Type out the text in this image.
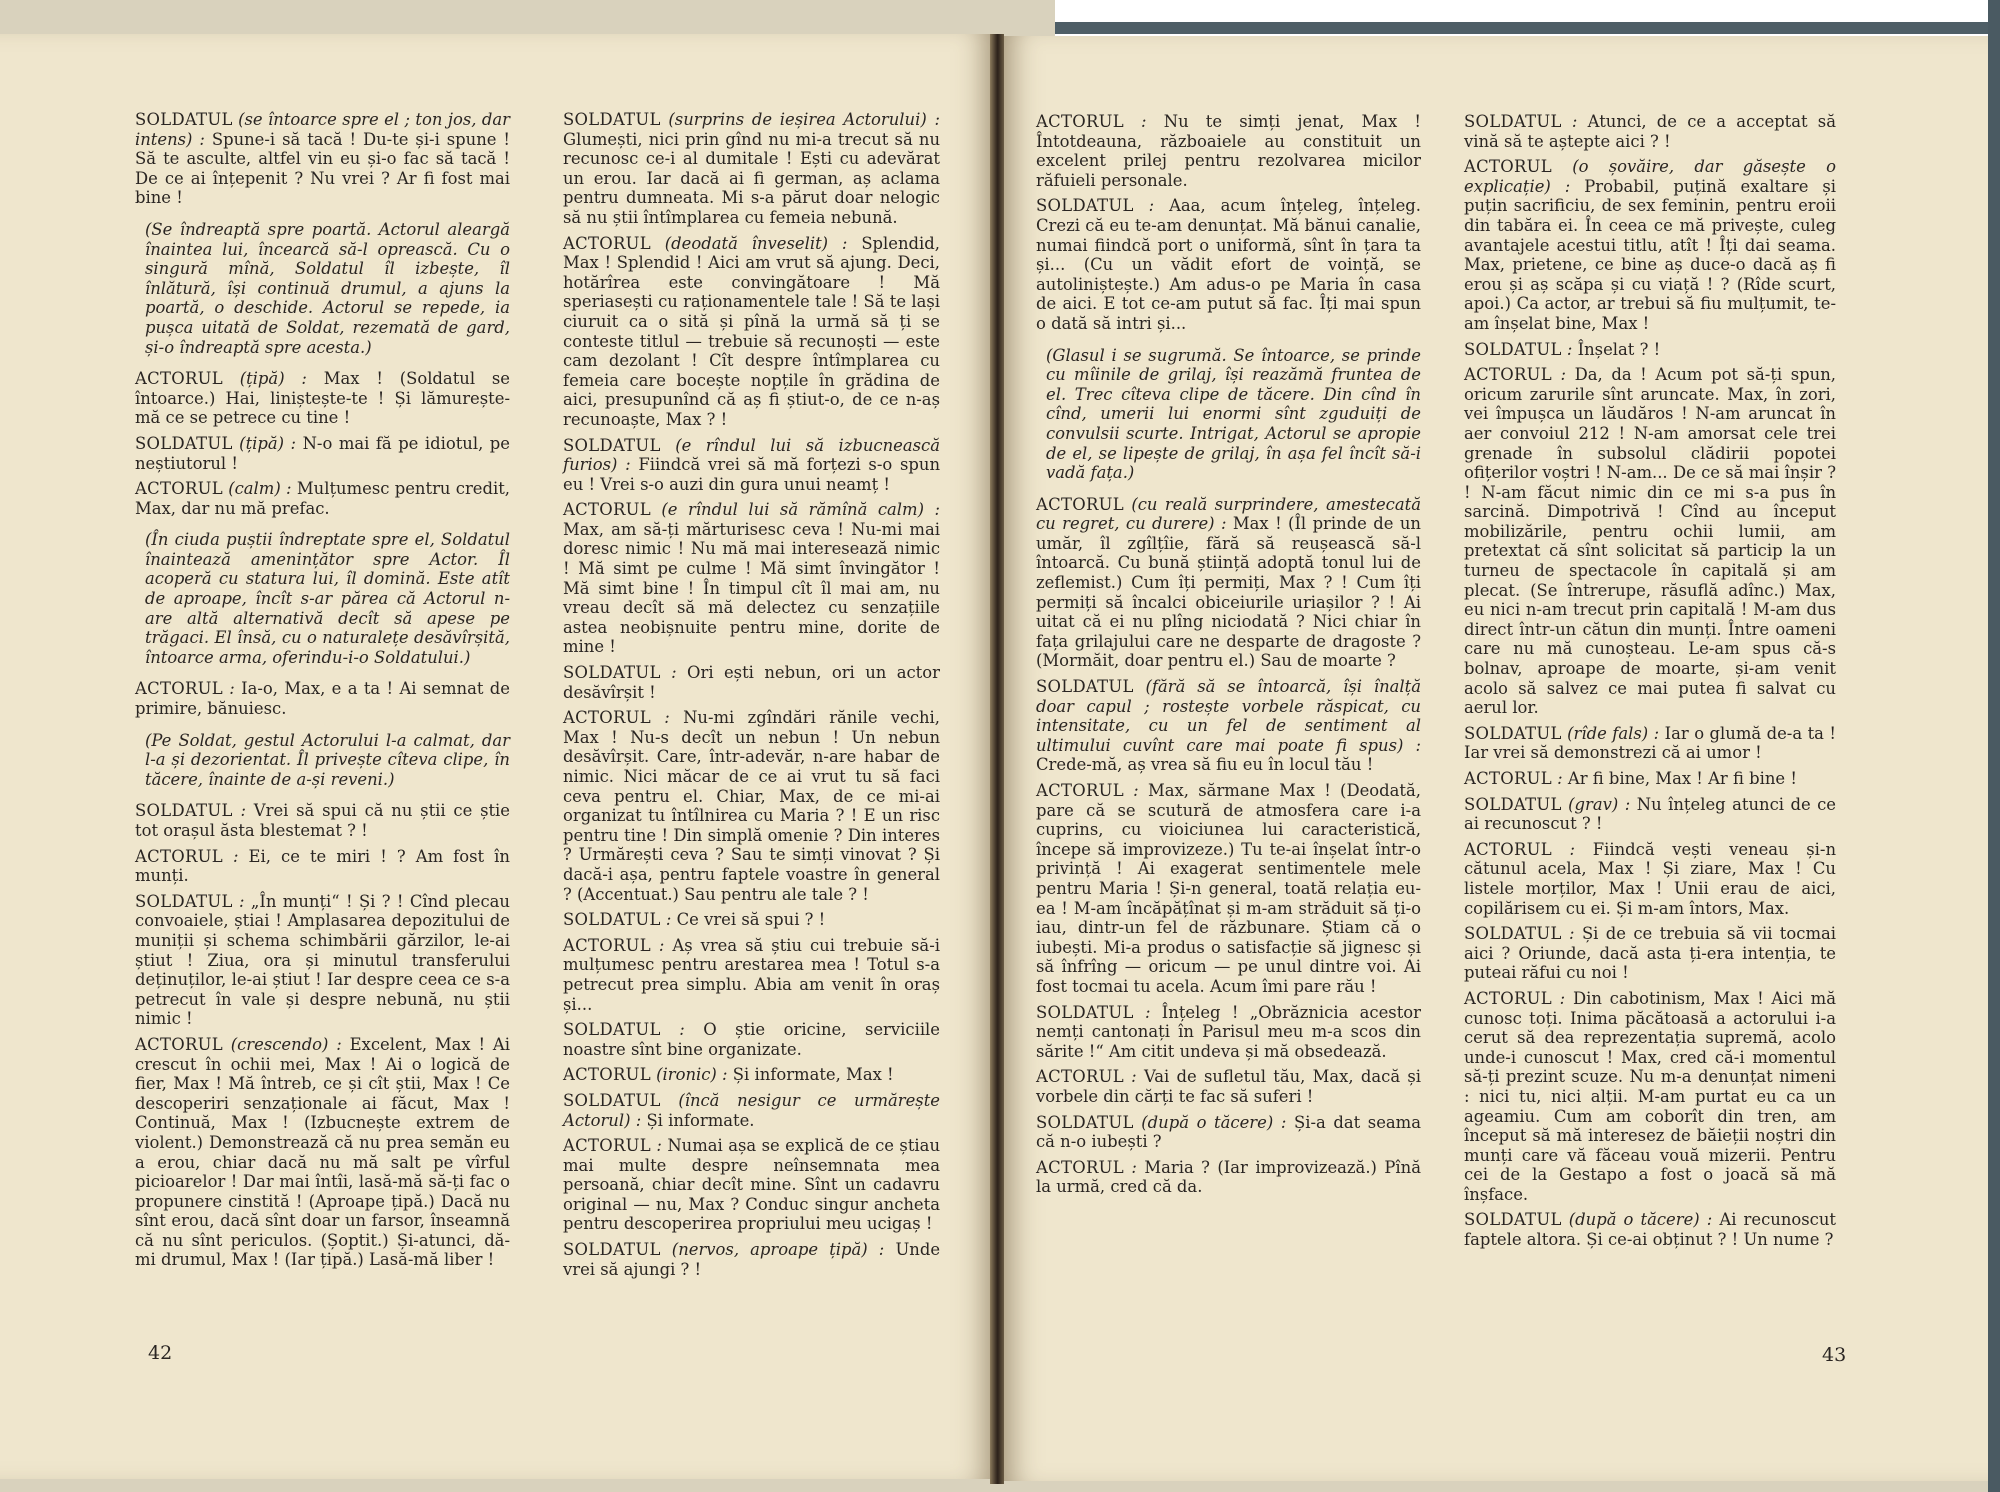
SOLDATUL (se întoarce spre el ; ton jos, dar intens) : Spune-i să tacă ! Du-te și-i spune ! Să te asculte, altfel vin eu și-o fac să tacă ! De ce ai înțepenit ? Nu vrei ? Ar fi fost mai bine !

(Se îndreaptă spre poartă. Actorul aleargă înaintea lui, încearcă să-l oprească. Cu o singură mînă, Soldatul îl izbește, îl înlătură, își continuă drumul, a ajuns la poartă, o deschide. Actorul se repede, ia pușca uitată de Soldat, rezemată de gard, și-o îndreaptă spre acesta.)

ACTORUL (țipă) : Max ! (Soldatul se întoarce.) Hai, liniștește-te ! Și lămurește-mă ce se petrece cu tine !

SOLDATUL (țipă) : N-o mai fă pe idiotul, pe neștiutorul !

ACTORUL (calm) : Mulțumesc pentru credit, Max, dar nu mă prefac.

(În ciuda puștii îndreptate spre el, Soldatul înaintează amenințător spre Actor. Îl acoperă cu statura lui, îl domină. Este atît de aproape, încît s-ar părea că Actorul n-are altă alternativă decît să apese pe trăgaci. El însă, cu o naturalețe desăvîrșită, întoarce arma, oferindu-i-o Soldatului.)

ACTORUL : Ia-o, Max, e a ta ! Ai semnat de primire, bănuiesc.

(Pe Soldat, gestul Actorului l-a calmat, dar l-a și dezorientat. Îl privește cîteva clipe, în tăcere, înainte de a-și reveni.)

SOLDATUL : Vrei să spui că nu știi ce știe tot orașul ăsta blestemat ? !

ACTORUL : Ei, ce te miri ! ? Am fost în munți.

SOLDATUL : „În munți“ ! Și ? ! Cînd plecau convoaiele, știai ! Amplasarea depozitului de muniții și schema schimbării gărzilor, le-ai știut ! Ziua, ora și minutul transferului deținuților, le-ai știut ! Iar despre ceea ce s-a petrecut în vale și despre nebună, nu știi nimic !

ACTORUL (crescendo) : Excelent, Max ! Ai crescut în ochii mei, Max ! Ai o logică de fier, Max ! Mă întreb, ce și cît știi, Max ! Ce descoperiri senzaționale ai făcut, Max ! Continuă, Max ! (Izbucnește extrem de violent.) Demonstrează că nu prea semăn eu a erou, chiar dacă nu mă salt pe vîrful picioarelor ! Dar mai întîi, lasă-mă să-ți fac o propunere cinstită ! (Aproape țipă.) Dacă nu sînt erou, dacă sînt doar un farsor, înseamnă că nu sînt periculos. (Șoptit.) Și-atunci, dă-mi drumul, Max ! (Iar țipă.) Lasă-mă liber !

SOLDATUL (surprins de ieșirea Actorului) : Glumești, nici prin gînd nu mi-a trecut să nu recunosc ce-i al dumitale ! Ești cu adevărat un erou. Iar dacă ai fi german, aș aclama pentru dumneata. Mi s-a părut doar nelogic să nu știi întîmplarea cu femeia nebună.

ACTORUL (deodată înveselit) : Splendid, Max ! Splendid ! Aici am vrut să ajung. Deci, hotărîrea este convingătoare ! Mă speriasești cu raționamentele tale ! Să te lași ciuruit ca o sită și pînă la urmă să ți se conteste titlul — trebuie să recunoști — este cam dezolant ! Cît despre întîmplarea cu femeia care bocește nopțile în grădina de aici, presupunînd că aș fi știut-o, de ce n-aș recunoaște, Max ? !

SOLDATUL (e rîndul lui să izbucnească furios) : Fiindcă vrei să mă forțezi s-o spun eu ! Vrei s-o auzi din gura unui neamț !

ACTORUL (e rîndul lui să rămînă calm) : Max, am să-ți mărturisesc ceva ! Nu-mi mai doresc nimic ! Nu mă mai interesează nimic ! Mă simt pe culme ! Mă simt învingător ! Mă simt bine ! În timpul cît îl mai am, nu vreau decît să mă delectez cu senzațiile astea neobișnuite pentru mine, dorite de mine !

SOLDATUL : Ori ești nebun, ori un actor desăvîrșit !

ACTORUL : Nu-mi zgîndări rănile vechi, Max ! Nu-s decît un nebun ! Un nebun desăvîrșit. Care, într-adevăr, n-are habar de nimic. Nici măcar de ce ai vrut tu să faci ceva pentru el. Chiar, Max, de ce mi-ai organizat tu întîlnirea cu Maria ? ! E un risc pentru tine ! Din simplă omenie ? Din interes ? Urmărești ceva ? Sau te simți vinovat ? Și dacă-i așa, pentru faptele voastre în general ? (Accentuat.) Sau pentru ale tale ? !

SOLDATUL : Ce vrei să spui ? !

ACTORUL : Aș vrea să știu cui trebuie să-i mulțumesc pentru arestarea mea ! Totul s-a petrecut prea simplu. Abia am venit în oraș și...

SOLDATUL : O știe oricine, serviciile noastre sînt bine organizate.

ACTORUL (ironic) : Și informate, Max !

SOLDATUL (încă nesigur ce urmărește Actorul) : Și informate.

ACTORUL : Numai așa se explică de ce știau mai multe despre neînsemnata mea persoană, chiar decît mine. Sînt un cadavru original — nu, Max ? Conduc singur ancheta pentru descoperirea propriului meu ucigaș !

SOLDATUL (nervos, aproape țipă) : Unde vrei să ajungi ? !

42

ACTORUL : Nu te simți jenat, Max ! Întotdeauna, războaiele au constituit un excelent prilej pentru rezolvarea micilor răfuieli personale.

SOLDATUL : Aaa, acum înțeleg, înțeleg. Crezi că eu te-am denunțat. Mă bănui canalie, numai fiindcă port o uniformă, sînt în țara ta și... (Cu un vădit efort de voință, se autoliniștește.) Am adus-o pe Maria în casa de aici. E tot ce-am putut să fac. Îți mai spun o dată să intri și...

(Glasul i se sugrumă. Se întoarce, se prinde cu mîinile de grilaj, își reazămă fruntea de el. Trec cîteva clipe de tăcere. Din cînd în cînd, umerii lui enormi sînt zguduiți de convulsii scurte. Intrigat, Actorul se apropie de el, se lipește de grilaj, în așa fel încît să-i vadă fața.)

ACTORUL (cu reală surprindere, amestecată cu regret, cu durere) : Max ! (Îl prinde de un umăr, îl zgîlțîie, fără să reușească să-l întoarcă. Cu bună știință adoptă tonul lui de zeflemist.) Cum îți permiți, Max ? ! Cum îți permiți să încalci obiceiurile uriașilor ? ! Ai uitat că ei nu plîng niciodată ? Nici chiar în fața grilajului care ne desparte de dragoste ? (Mormăit, doar pentru el.) Sau de moarte ?

SOLDATUL (fără să se întoarcă, își înalță doar capul ; rostește vorbele răspicat, cu intensitate, cu un fel de sentiment al ultimului cuvînt care mai poate fi spus) : Crede-mă, aș vrea să fiu eu în locul tău !

ACTORUL : Max, sărmane Max ! (Deodată, pare că se scutură de atmosfera care i-a cuprins, cu vioiciunea lui caracteristică, începe să improvizeze.) Tu te-ai înșelat într-o privință ! Ai exagerat sentimentele mele pentru Maria ! Și-n general, toată relația eu-ea ! M-am încăpățînat și m-am străduit să ți-o iau, dintr-un fel de răzbunare. Știam că o iubești. Mi-a produs o satisfacție să jignesc și să înfrîng — oricum — pe unul dintre voi. Ai fost tocmai tu acela. Acum îmi pare rău !

SOLDATUL : Înțeleg ! „Obrăznicia acestor nemți cantonați în Parisul meu m-a scos din sărite !“ Am citit undeva și mă obsedează.

ACTORUL : Vai de sufletul tău, Max, dacă și vorbele din cărți te fac să suferi !

SOLDATUL (după o tăcere) : Și-a dat seama că n-o iubești ?

ACTORUL : Maria ? (Iar improvizează.) Pînă la urmă, cred că da.

SOLDATUL : Atunci, de ce a acceptat să vină să te aștepte aici ? !

ACTORUL (o șovăire, dar găsește o explicație) : Probabil, puțină exaltare și puțin sacrificiu, de sex feminin, pentru eroii din tabăra ei. În ceea ce mă privește, culeg avantajele acestui titlu, atît ! Îți dai seama. Max, prietene, ce bine aș duce-o dacă aș fi erou și aș scăpa și cu viață ! ? (Rîde scurt, apoi.) Ca actor, ar trebui să fiu mulțumit, te-am înșelat bine, Max !

SOLDATUL : Înșelat ? !

ACTORUL : Da, da ! Acum pot să-ți spun, oricum zarurile sînt aruncate. Max, în zori, vei împușca un lăudăros ! N-am aruncat în aer convoiul 212 ! N-am amorsat cele trei grenade în subsolul clădirii popotei ofițerilor voștri ! N-am... De ce să mai înșir ? ! N-am făcut nimic din ce mi s-a pus în sarcină. Dimpotrivă ! Cînd au început mobilizările, pentru ochii lumii, am pretextat că sînt solicitat să particip la un turneu de spectacole în capitală și am plecat. (Se întrerupe, răsuflă adînc.) Max, eu nici n-am trecut prin capitală ! M-am dus direct într-un cătun din munți. Între oameni care nu mă cunoșteau. Le-am spus că-s bolnav, aproape de moarte, și-am venit acolo să salvez ce mai putea fi salvat cu aerul lor.

SOLDATUL (rîde fals) : Iar o glumă de-a ta ! Iar vrei să demonstrezi că ai umor !

ACTORUL : Ar fi bine, Max ! Ar fi bine !

SOLDATUL (grav) : Nu înțeleg atunci de ce ai recunoscut ? !

ACTORUL : Fiindcă vești veneau și-n cătunul acela, Max ! Și ziare, Max ! Cu listele morților, Max ! Unii erau de aici, copilărisem cu ei. Și m-am întors, Max.

SOLDATUL : Și de ce trebuia să vii tocmai aici ? Oriunde, dacă asta ți-era intenția, te puteai răfui cu noi !

ACTORUL : Din cabotinism, Max ! Aici mă cunosc toți. Inima păcătoasă a actorului i-a cerut să dea reprezentația supremă, acolo unde-i cunoscut ! Max, cred că-i momentul să-ți prezint scuze. Nu m-a denunțat nimeni : nici tu, nici alții. M-am purtat eu ca un ageamiu. Cum am coborît din tren, am început să mă interesez de băieții noștri din munți care vă făceau vouă mizerii. Pentru cei de la Gestapo a fost o joacă să mă înșface.

SOLDATUL (după o tăcere) : Ai recunoscut faptele altora. Și ce-ai obținut ? ! Un nume ?

43
